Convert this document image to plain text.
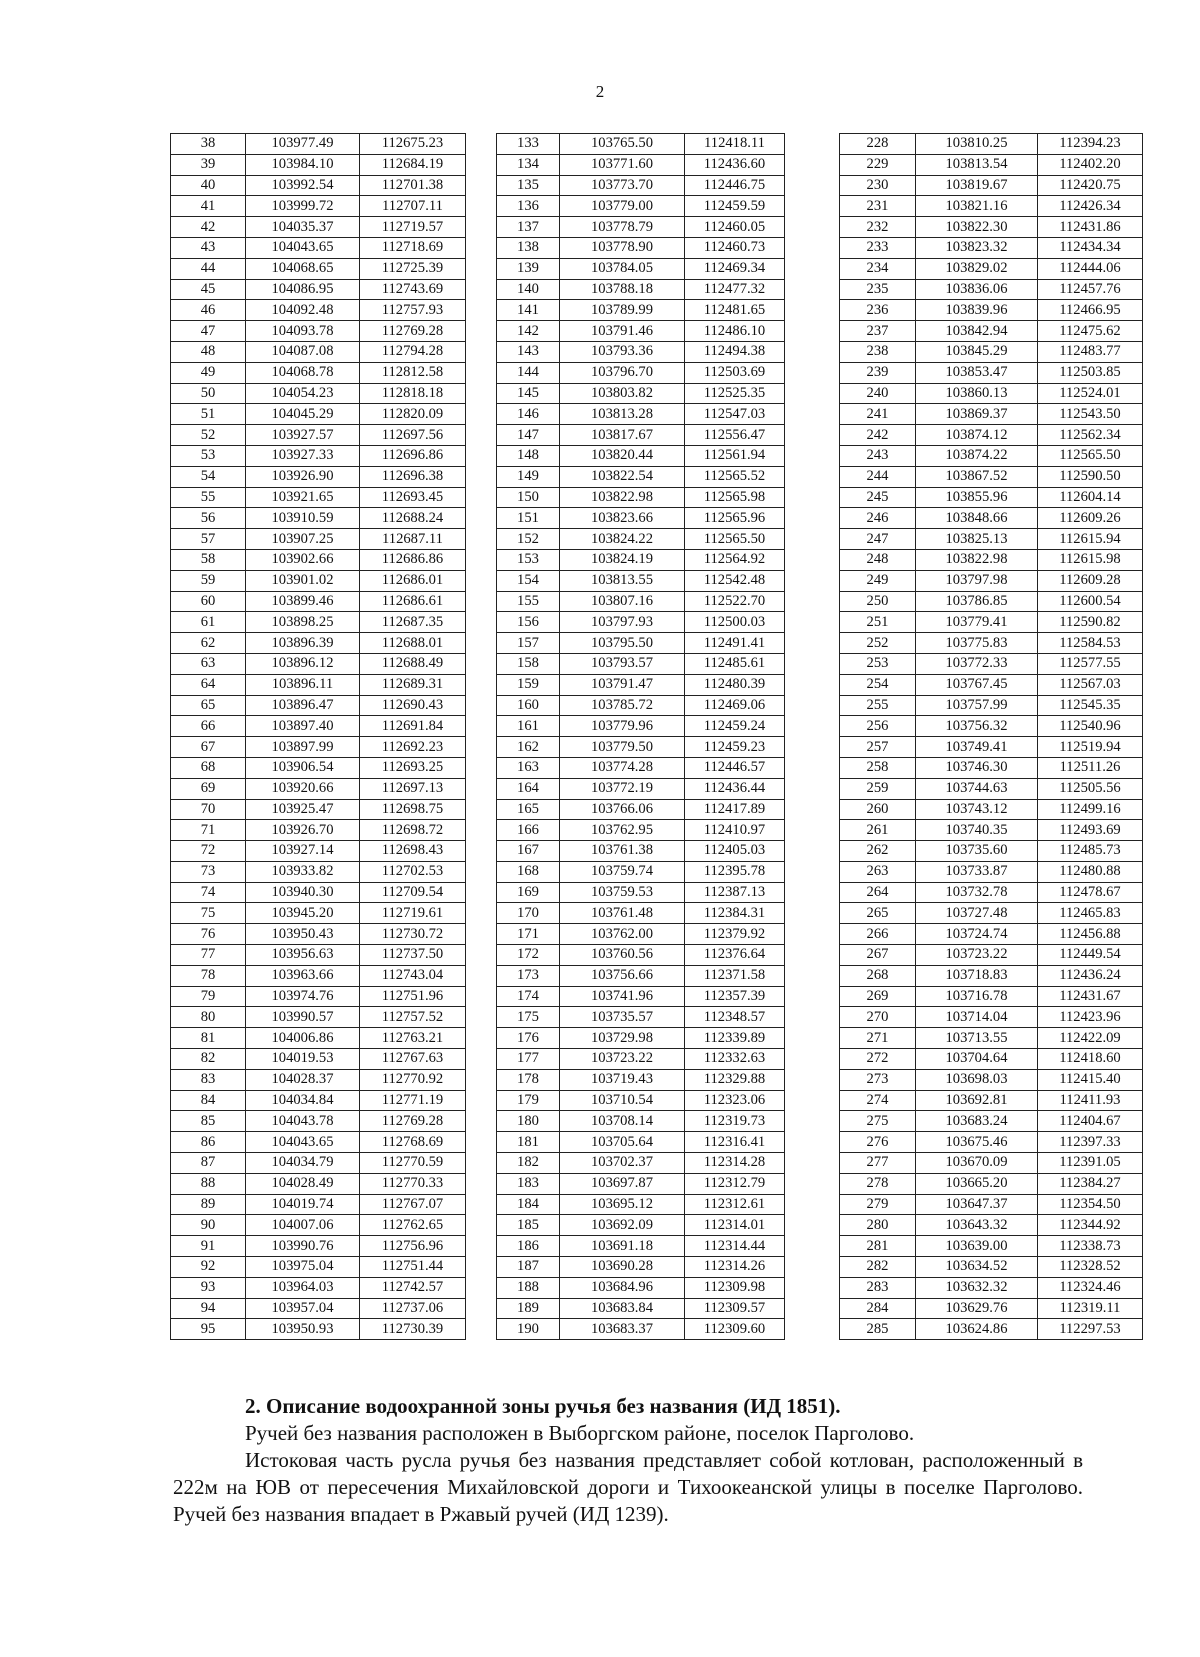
2
38	103977.49	112675.23
39	103984.10	112684.19
40	103992.54	112701.38
41	103999.72	112707.11
42	104035.37	112719.57
43	104043.65	112718.69
44	104068.65	112725.39
45	104086.95	112743.69
46	104092.48	112757.93
47	104093.78	112769.28
48	104087.08	112794.28
49	104068.78	112812.58
50	104054.23	112818.18
51	104045.29	112820.09
52	103927.57	112697.56
53	103927.33	112696.86
54	103926.90	112696.38
55	103921.65	112693.45
56	103910.59	112688.24
57	103907.25	112687.11
58	103902.66	112686.86
59	103901.02	112686.01
60	103899.46	112686.61
61	103898.25	112687.35
62	103896.39	112688.01
63	103896.12	112688.49
64	103896.11	112689.31
65	103896.47	112690.43
66	103897.40	112691.84
67	103897.99	112692.23
68	103906.54	112693.25
69	103920.66	112697.13
70	103925.47	112698.75
71	103926.70	112698.72
72	103927.14	112698.43
73	103933.82	112702.53
74	103940.30	112709.54
75	103945.20	112719.61
76	103950.43	112730.72
77	103956.63	112737.50
78	103963.66	112743.04
79	103974.76	112751.96
80	103990.57	112757.52
81	104006.86	112763.21
82	104019.53	112767.63
83	104028.37	112770.92
84	104034.84	112771.19
85	104043.78	112769.28
86	104043.65	112768.69
87	104034.79	112770.59
88	104028.49	112770.33
89	104019.74	112767.07
90	104007.06	112762.65
91	103990.76	112756.96
92	103975.04	112751.44
93	103964.03	112742.57
94	103957.04	112737.06
95	103950.93	112730.39
133	103765.50	112418.11
134	103771.60	112436.60
135	103773.70	112446.75
136	103779.00	112459.59
137	103778.79	112460.05
138	103778.90	112460.73
139	103784.05	112469.34
140	103788.18	112477.32
141	103789.99	112481.65
142	103791.46	112486.10
143	103793.36	112494.38
144	103796.70	112503.69
145	103803.82	112525.35
146	103813.28	112547.03
147	103817.67	112556.47
148	103820.44	112561.94
149	103822.54	112565.52
150	103822.98	112565.98
151	103823.66	112565.96
152	103824.22	112565.50
153	103824.19	112564.92
154	103813.55	112542.48
155	103807.16	112522.70
156	103797.93	112500.03
157	103795.50	112491.41
158	103793.57	112485.61
159	103791.47	112480.39
160	103785.72	112469.06
161	103779.96	112459.24
162	103779.50	112459.23
163	103774.28	112446.57
164	103772.19	112436.44
165	103766.06	112417.89
166	103762.95	112410.97
167	103761.38	112405.03
168	103759.74	112395.78
169	103759.53	112387.13
170	103761.48	112384.31
171	103762.00	112379.92
172	103760.56	112376.64
173	103756.66	112371.58
174	103741.96	112357.39
175	103735.57	112348.57
176	103729.98	112339.89
177	103723.22	112332.63
178	103719.43	112329.88
179	103710.54	112323.06
180	103708.14	112319.73
181	103705.64	112316.41
182	103702.37	112314.28
183	103697.87	112312.79
184	103695.12	112312.61
185	103692.09	112314.01
186	103691.18	112314.44
187	103690.28	112314.26
188	103684.96	112309.98
189	103683.84	112309.57
190	103683.37	112309.60
228	103810.25	112394.23
229	103813.54	112402.20
230	103819.67	112420.75
231	103821.16	112426.34
232	103822.30	112431.86
233	103823.32	112434.34
234	103829.02	112444.06
235	103836.06	112457.76
236	103839.96	112466.95
237	103842.94	112475.62
238	103845.29	112483.77
239	103853.47	112503.85
240	103860.13	112524.01
241	103869.37	112543.50
242	103874.12	112562.34
243	103874.22	112565.50
244	103867.52	112590.50
245	103855.96	112604.14
246	103848.66	112609.26
247	103825.13	112615.94
248	103822.98	112615.98
249	103797.98	112609.28
250	103786.85	112600.54
251	103779.41	112590.82
252	103775.83	112584.53
253	103772.33	112577.55
254	103767.45	112567.03
255	103757.99	112545.35
256	103756.32	112540.96
257	103749.41	112519.94
258	103746.30	112511.26
259	103744.63	112505.56
260	103743.12	112499.16
261	103740.35	112493.69
262	103735.60	112485.73
263	103733.87	112480.88
264	103732.78	112478.67
265	103727.48	112465.83
266	103724.74	112456.88
267	103723.22	112449.54
268	103718.83	112436.24
269	103716.78	112431.67
270	103714.04	112423.96
271	103713.55	112422.09
272	103704.64	112418.60
273	103698.03	112415.40
274	103692.81	112411.93
275	103683.24	112404.67
276	103675.46	112397.33
277	103670.09	112391.05
278	103665.20	112384.27
279	103647.37	112354.50
280	103643.32	112344.92
281	103639.00	112338.73
282	103634.52	112328.52
283	103632.32	112324.46
284	103629.76	112319.11
285	103624.86	112297.53

2. Описание водоохранной зоны ручья без названия (ИД 1851).

Ручей без названия расположен в Выборгском районе, поселок Парголово.

Истоковая часть русла ручья без названия представляет собой котлован, расположенный в 222м на ЮВ от пересечения Михайловской дороги и Тихоокеанской улицы в поселке Парголово. Ручей без названия впадает в Ржавый ручей (ИД 1239).
